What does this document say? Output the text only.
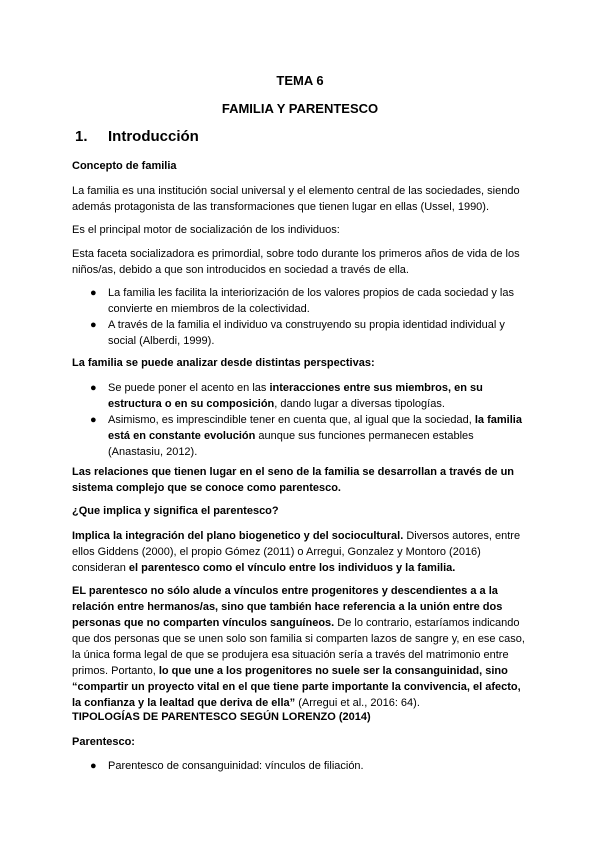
TEMA 6
FAMILIA Y PARENTESCO
1. Introducción

Concepto de familia

La familia es una institución social universal y el elemento central de las sociedades, siendo además protagonista de las transformaciones que tienen lugar en ellas (Ussel, 1990).

Es el principal motor de socialización de los individuos:

Esta faceta socializadora es primordial, sobre todo durante los primeros años de vida de los niños/as, debido a que son introducidos en sociedad a través de ella.

● La familia les facilita la interiorización de los valores propios de cada sociedad y las convierte en miembros de la colectividad.
● A través de la familia el individuo va construyendo su propia identidad individual y social (Alberdi, 1999).

La familia se puede analizar desde distintas perspectivas:

● Se puede poner el acento en las interacciones entre sus miembros, en su estructura o en su composición, dando lugar a diversas tipologías.
● Asimismo, es imprescindible tener en cuenta que, al igual que la sociedad, la familia está en constante evolución aunque sus funciones permanecen estables (Anastasiu, 2012).

Las relaciones que tienen lugar en el seno de la familia se desarrollan a través de un sistema complejo que se conoce como parentesco.

¿Que implica y significa el parentesco?

Implica la integración del plano biogenetico y del sociocultural. Diversos autores, entre ellos Giddens (2000), el propio Gómez (2011) o Arregui, Gonzalez y Montoro (2016) consideran el parentesco como el vínculo entre los individuos y la familia.

EL parentesco no sólo alude a vínculos entre progenitores y descendientes a a la relación entre hermanos/as, sino que también hace referencia a la unión entre dos personas que no comparten vínculos sanguíneos. De lo contrario, estaríamos indicando que dos personas que se unen solo son familia si comparten lazos de sangre y, en ese caso, la única forma legal de que se produjera esa situación sería a través del matrimonio entre primos. Portanto, lo que une a los progenitores no suele ser la consanguinidad, sino “compartir un proyecto vital en el que tiene parte importante la convivencia, el afecto, la confianza y la lealtad que deriva de ella” (Arregui et al., 2016: 64).

TIPOLOGÍAS DE PARENTESCO SEGÚN LORENZO (2014)

Parentesco:

● Parentesco de consanguinidad: vínculos de filiación.
